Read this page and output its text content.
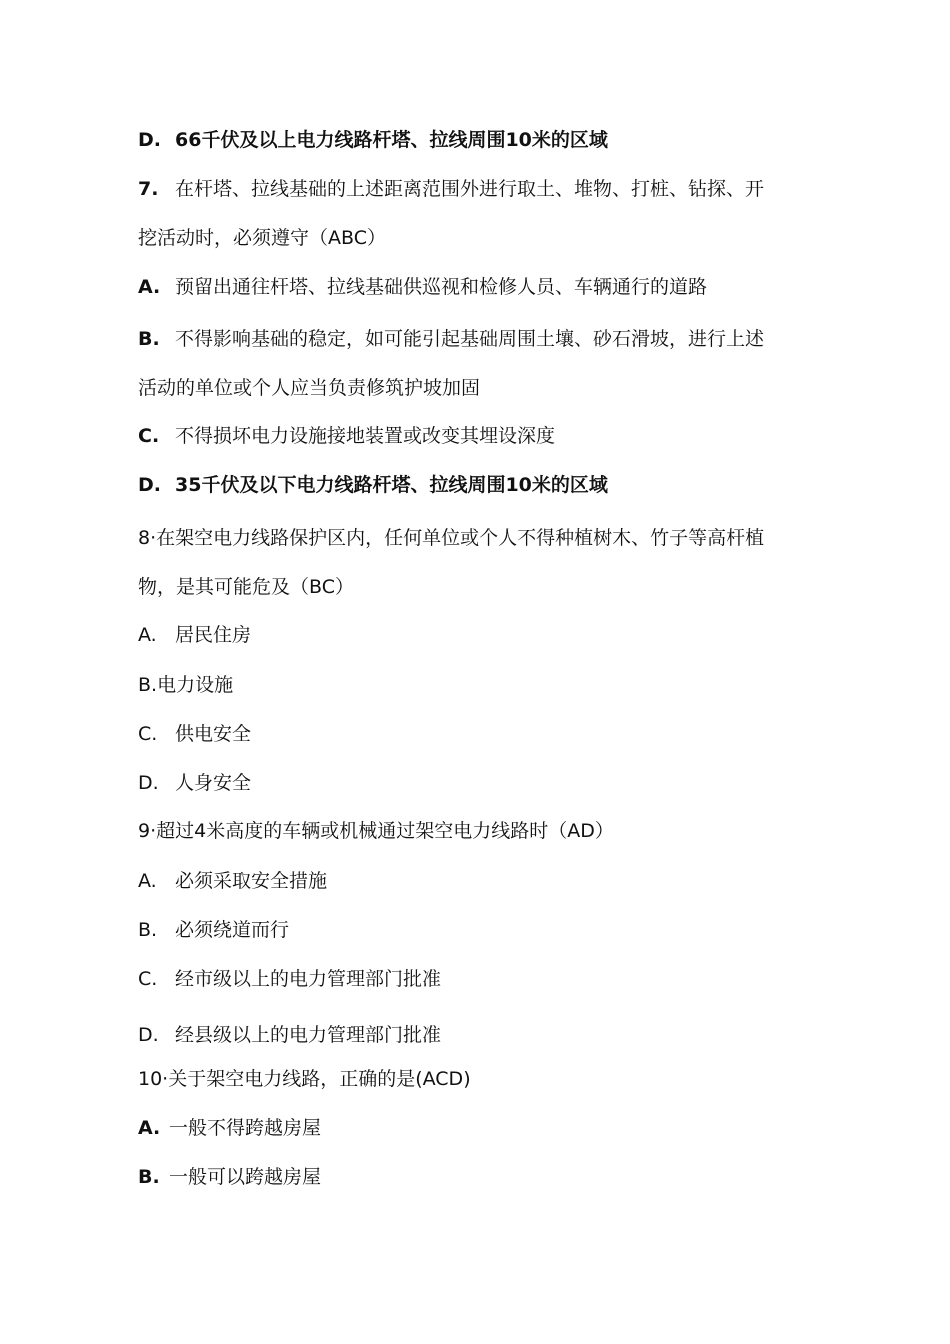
D. 66千伏及以上电力线路杆塔、拉线周围10米的区域
7. 在杆塔、拉线基础的上述距离范围外进行取土、堆物、打桩、钻探、开
挖活动时，必须遵守（ABC）
A. 预留出通往杆塔、拉线基础供巡视和检修人员、车辆通行的道路
B. 不得影响基础的稳定，如可能引起基础周围土壤、砂石滑坡，进行上述
活动的单位或个人应当负责修筑护坡加固
C. 不得损坏电力设施接地装置或改变其埋设深度
D. 35千伏及以下电力线路杆塔、拉线周围10米的区域
8·在架空电力线路保护区内，任何单位或个人不得种植树木、竹子等高杆植
物，是其可能危及（BC）
A. 居民住房
B.电力设施
C. 供电安全
D. 人身安全
9·超过4米高度的车辆或机械通过架空电力线路时（AD）
A. 必须采取安全措施
B. 必须绕道而行
C. 经市级以上的电力管理部门批准
D. 经县级以上的电力管理部门批准
10·关于架空电力线路，正确的是(ACD)
A. 一般不得跨越房屋
B. 一般可以跨越房屋
